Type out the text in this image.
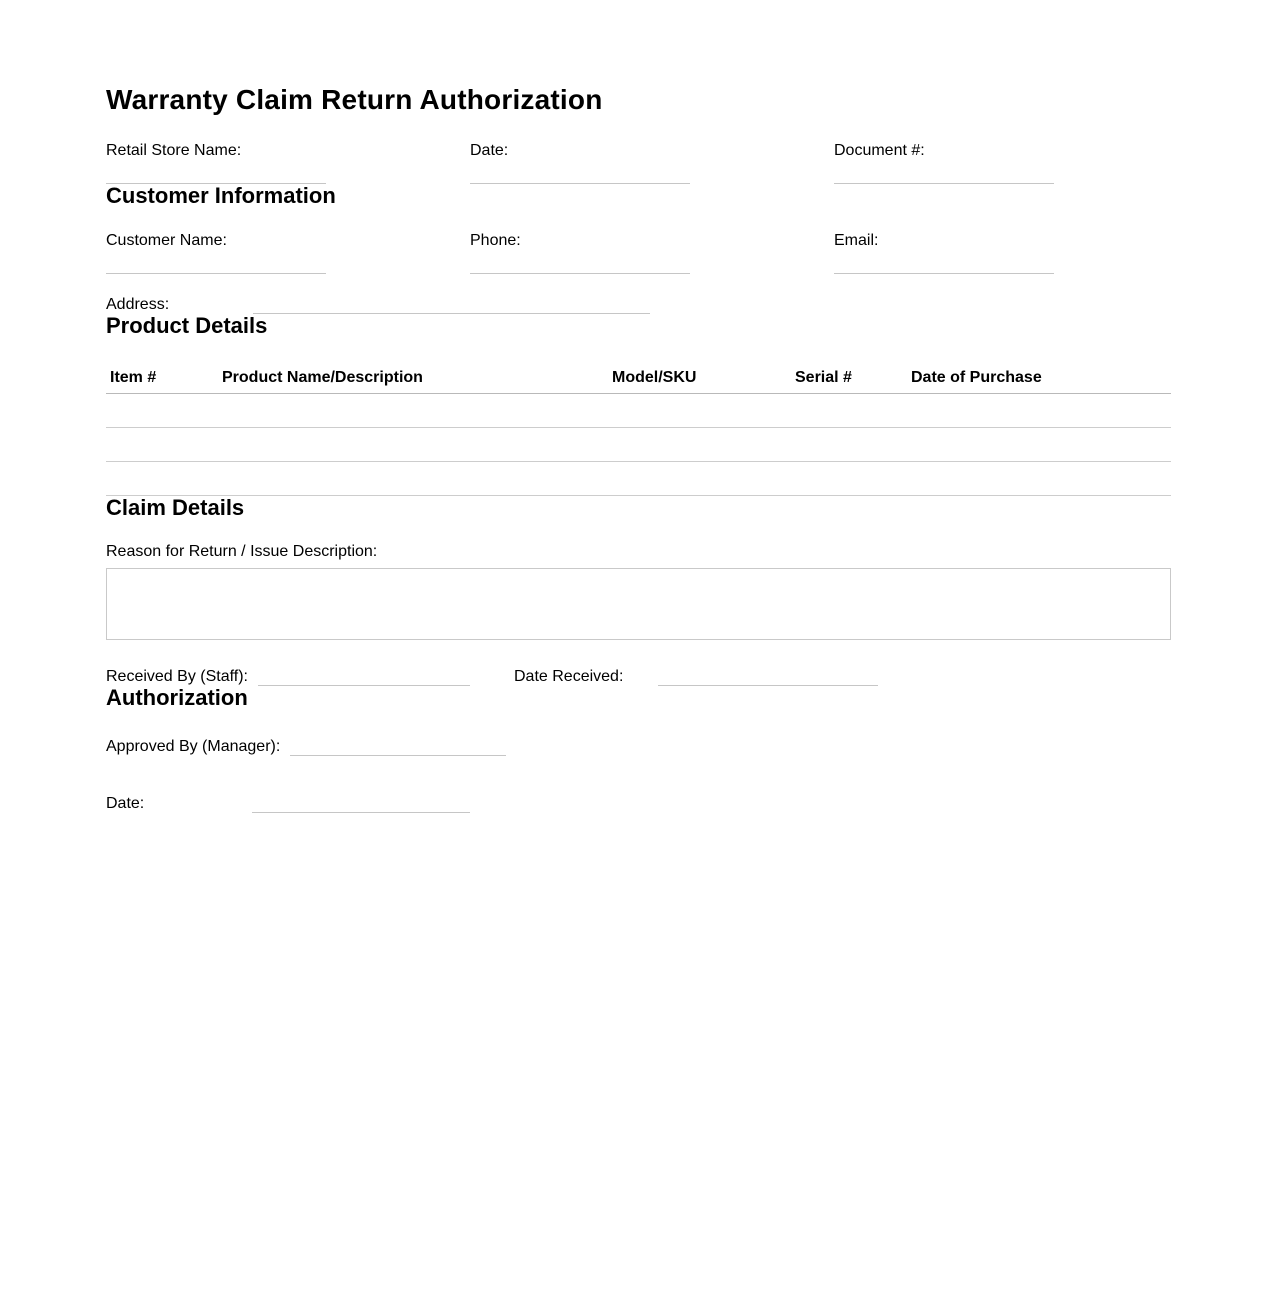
Warranty Claim Return Authorization
Retail Store Name:	Date:	Document #:
Customer Information
Customer Name:	Phone:	Email:
Address:
Product Details
Item #	Product Name/Description	Model/SKU	Serial #	Date of Purchase

Claim Details
Reason for Return / Issue Description:
Received By (Staff):	Date Received:
Authorization
Approved By (Manager):
Date:
